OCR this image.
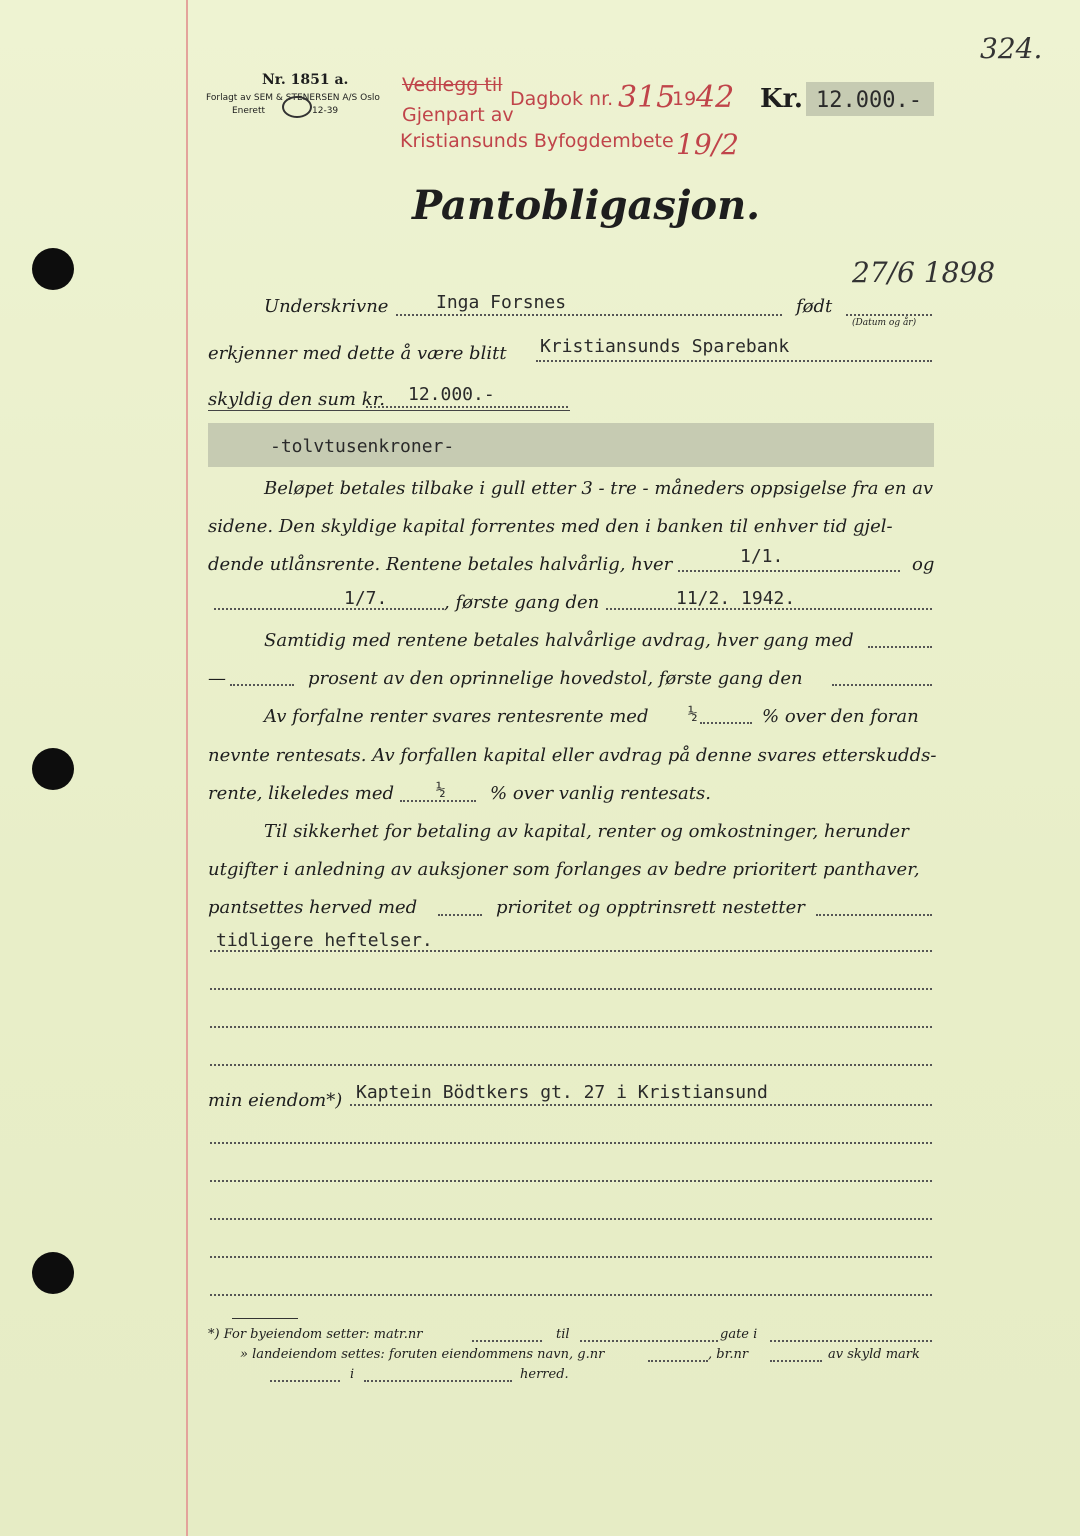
324.
Nr. 1851 a.
Forlagt av SEM & STENERSEN A/S Oslo
Enerett	12-39
Vedlegg til
Gjenpart av
Kristiansunds Byfogdembete
Dagbok nr. 315
19 42
19/2
Kr. 12.000.-
Pantobligasjon.
Underskrivne	Inga Forsnes	født
27/6 1898
(Datum og år)
erkjenner med dette å være blitt Kristiansunds Sparebank
skyldig den sum kr. 12.000.-
-tolvtusenkroner-
Beløpet betales tilbake i gull etter 3 - tre - måneders oppsigelse fra en av
sidene. Den skyldige kapital forrentes med den i banken til enhver tid gjel-
dende utlånsrente. Rentene betales halvårlig, hver	1/1.	og
1/7.	, første gang den	11/2. 1942.
Samtidig med rentene betales halvårlige avdrag, hver gang med
—	prosent av den oprinnelige hovedstol, første gang den
Av forfalne renter svares rentesrente med ½	% over den foran
nevnte rentesats. Av forfallen kapital eller avdrag på denne svares etterskudds-
rente, likeledes med	½ % over vanlig rentesats.
Til sikkerhet for betaling av kapital, renter og omkostninger, herunder
utgifter i anledning av auksjoner som forlanges av bedre prioritert panthaver,
pantsettes herved med	prioritet og opptrinsrett nestetter
tidligere heftelser.
min eiendom*) Kaptein Bödtkers gt. 27 i Kristiansund
*) For byeiendom setter: matr.nr	til	gate i
» landeiendom settes: foruten eiendommens navn, g.nr	, br.nr	av skyld mark
i	herred.
